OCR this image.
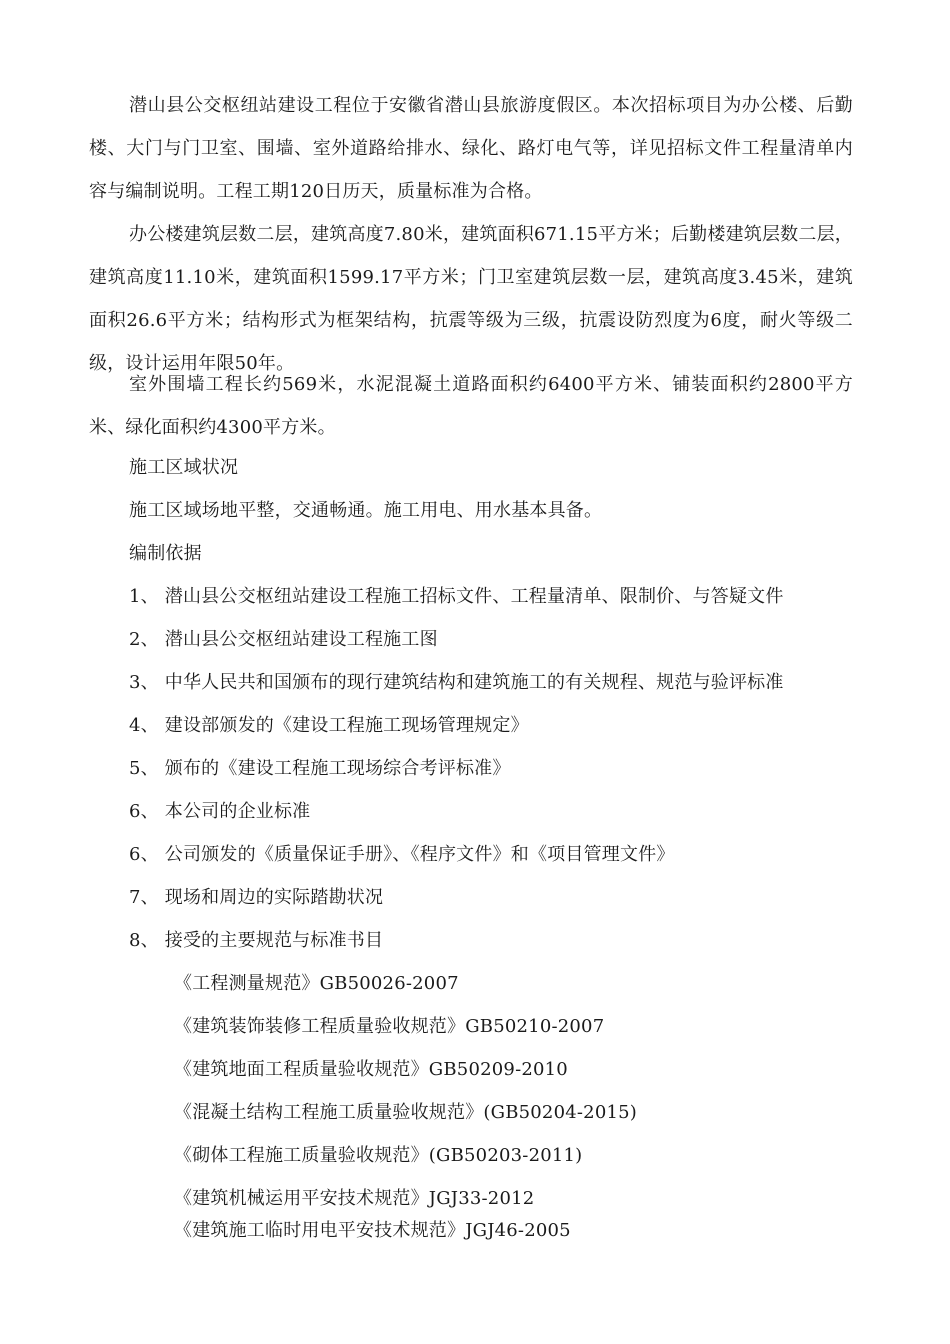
潜山县公交枢纽站建设工程位于安徽省潜山县旅游度假区。本次招标项目为办公楼、后勤楼、大门与门卫室、围墙、室外道路给排水、绿化、路灯电气等，详见招标文件工程量清单内容与编制说明。工程工期120日历天，质量标准为合格。

办公楼建筑层数二层，建筑高度7.80米，建筑面积671.15平方米；后勤楼建筑层数二层，建筑高度11.10米，建筑面积1599.17平方米；门卫室建筑层数一层，建筑高度3.45米，建筑面积26.6平方米；结构形式为框架结构，抗震等级为三级，抗震设防烈度为6度，耐火等级二级，设计运用年限50年。

室外围墙工程长约569米，水泥混凝土道路面积约6400平方米、铺装面积约2800平方米、绿化面积约4300平方米。

施工区域状况

施工区域场地平整，交通畅通。施工用电、用水基本具备。

编制依据

1、 潜山县公交枢纽站建设工程施工招标文件、工程量清单、限制价、与答疑文件

2、 潜山县公交枢纽站建设工程施工图

3、 中华人民共和国颁布的现行建筑结构和建筑施工的有关规程、规范与验评标准

4、 建设部颁发的《建设工程施工现场管理规定》

5、 颁布的《建设工程施工现场综合考评标准》

6、 本公司的企业标准

6、 公司颁发的《质量保证手册》、《程序文件》和《项目管理文件》

7、 现场和周边的实际踏勘状况

8、 接受的主要规范与标准书目

《工程测量规范》GB50026-2007

《建筑装饰装修工程质量验收规范》GB50210-2007

《建筑地面工程质量验收规范》GB50209-2010

《混凝土结构工程施工质量验收规范》(GB50204-2015)

《砌体工程施工质量验收规范》(GB50203-2011)

《建筑机械运用平安技术规范》JGJ33-2012

《建筑施工临时用电平安技术规范》JGJ46-2005
